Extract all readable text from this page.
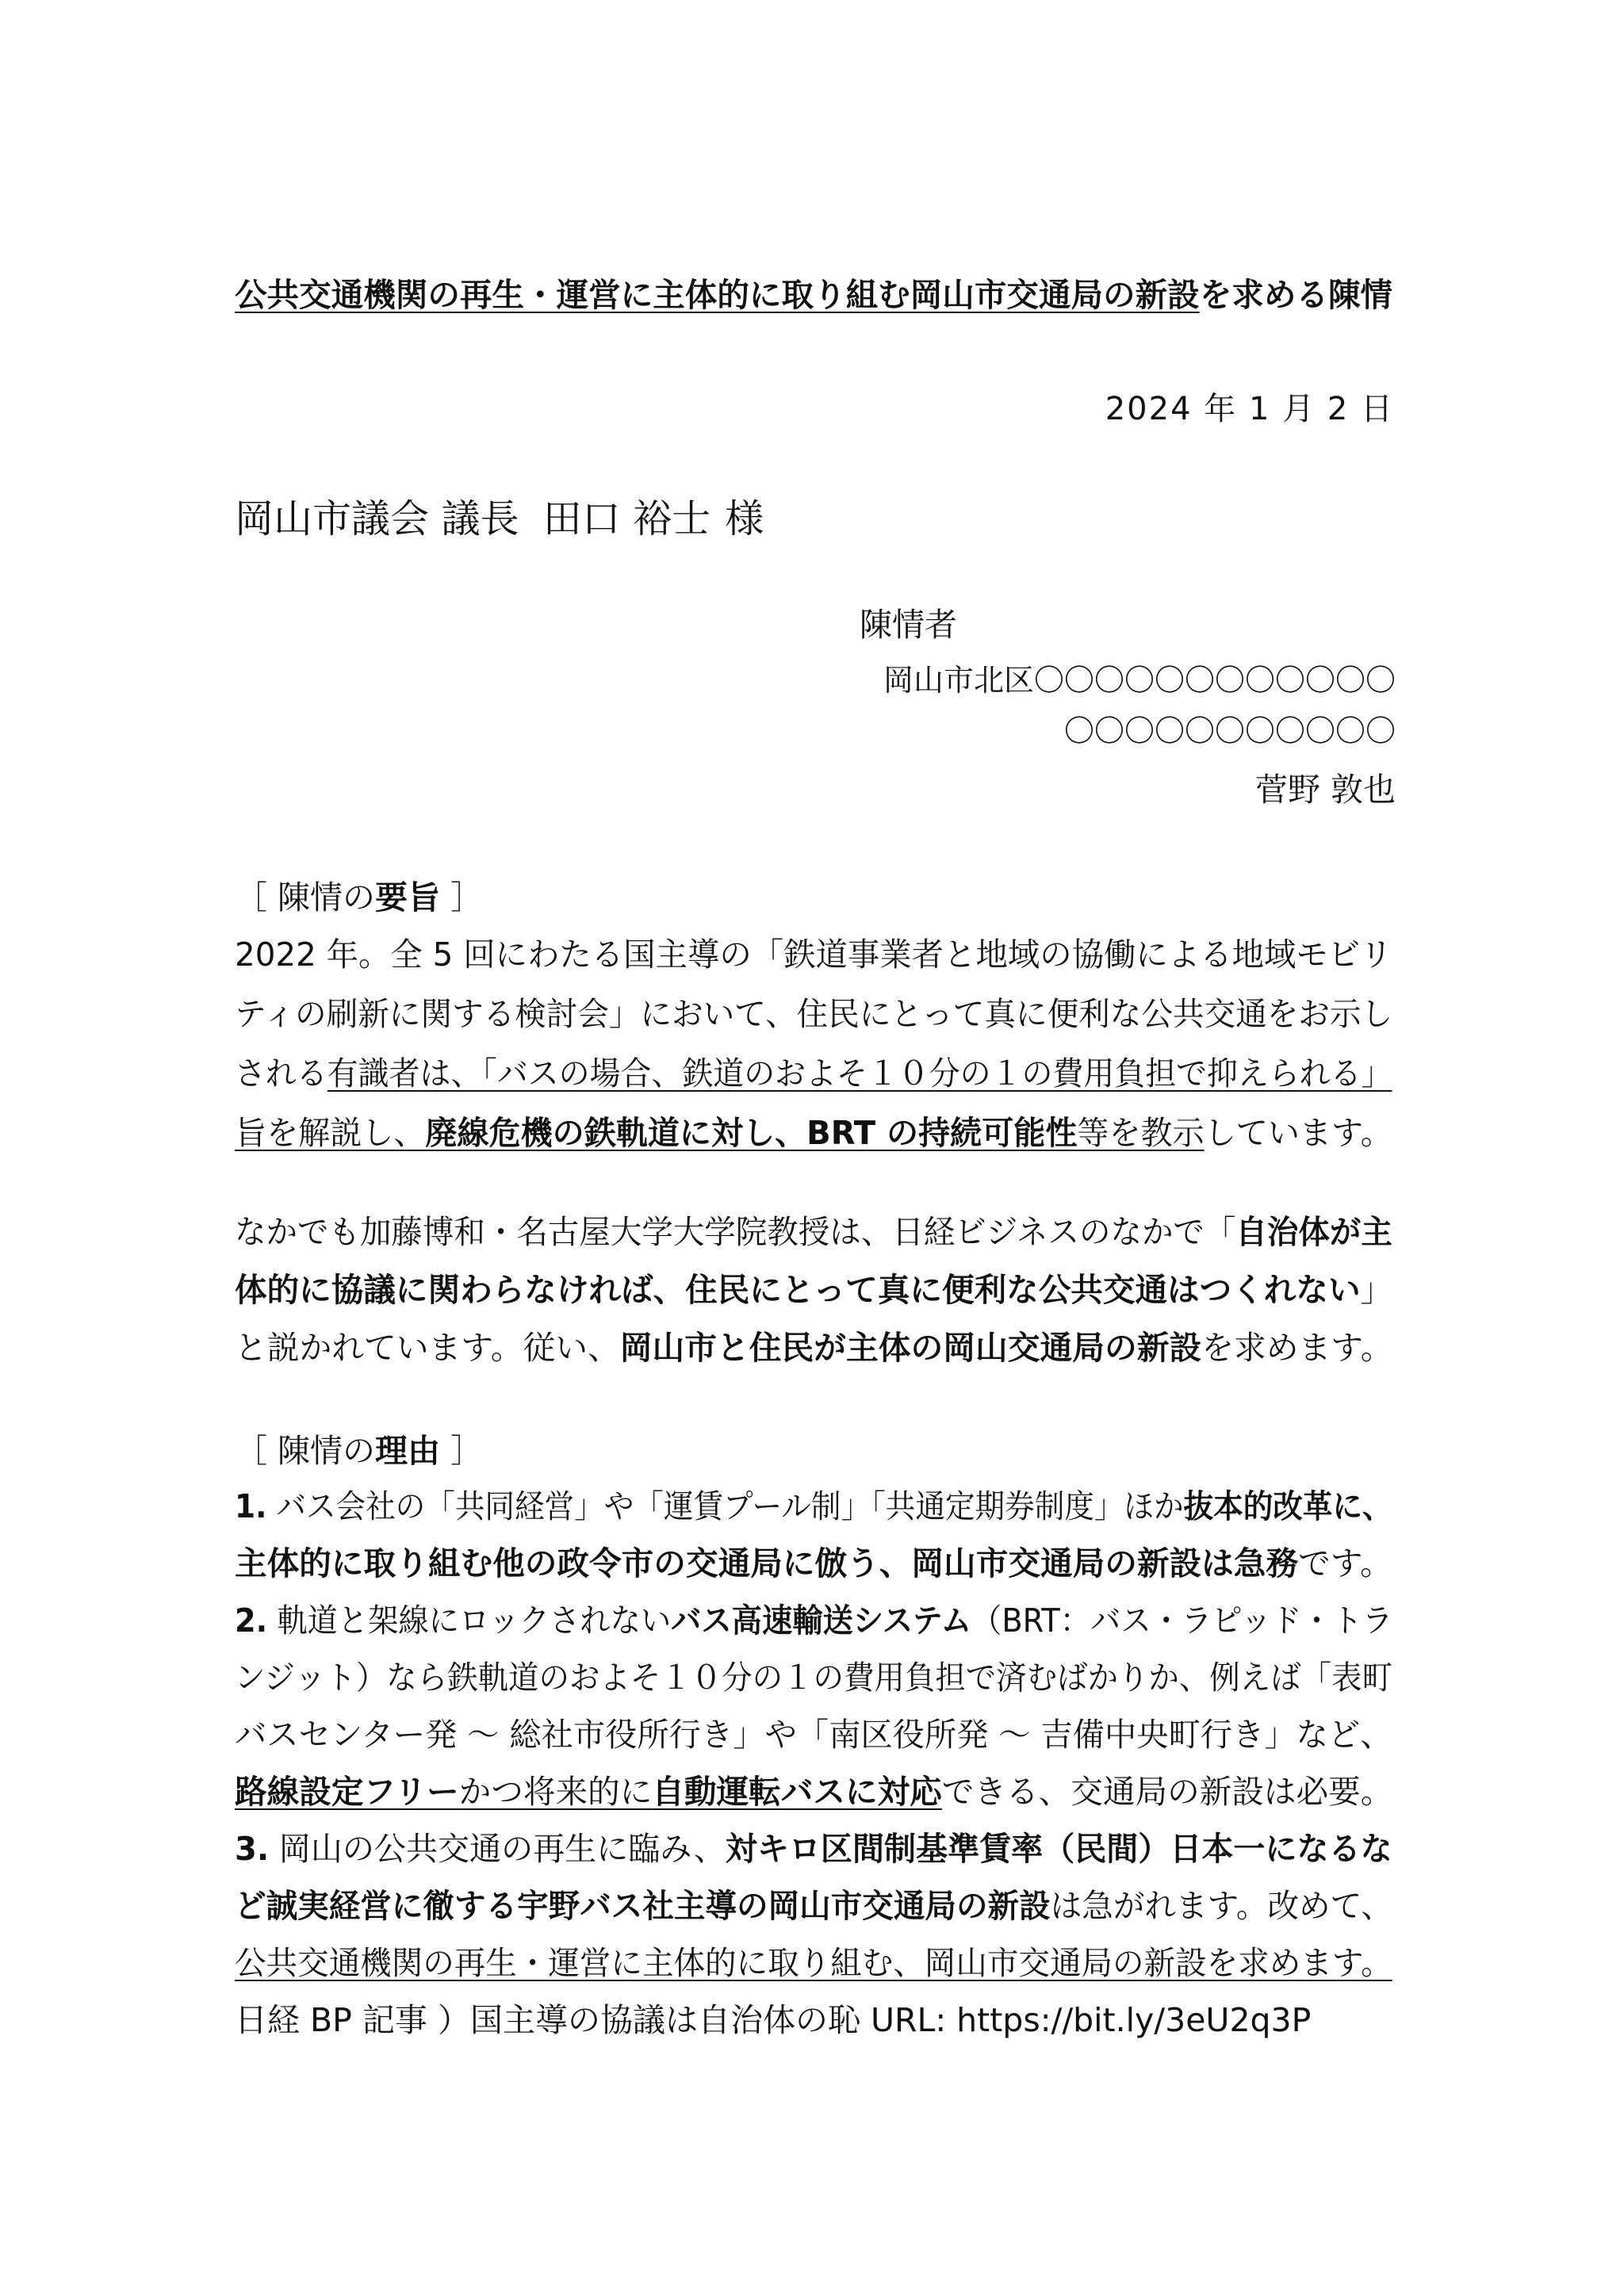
公共交通機関の再生・運営に主体的に取り組む岡山市交通局の新設を求める陳情
2024 年 1 月 2 日
岡山市議会 議長 田口 裕士 様
陳情者
岡山市北区〇〇〇〇〇〇〇〇〇〇〇〇
〇〇〇〇〇〇〇〇〇〇〇
菅野 敦也
［ 陳情の要旨 ］
2022 年。全 5 回にわたる国主導の「鉄道事業者と地域の協働による地域モビリ
ティの刷新に関する検討会」において、住民にとって真に便利な公共交通をお示し
される有識者は、「バスの場合、鉄道のおよそ１０分の１の費用負担で抑えられる」
旨を解説し、廃線危機の鉄軌道に対し、BRT の持続可能性等を教示しています。
なかでも加藤博和・名古屋大学大学院教授は、日経ビジネスのなかで「自治体が主
体的に協議に関わらなければ、住民にとって真に便利な公共交通はつくれない」
と説かれています。従い、岡山市と住民が主体の岡山交通局の新設を求めます。
［ 陳情の理由 ］
1. バス会社の「共同経営」や「運賃プール制」「共通定期券制度」ほか抜本的改革に、
主体的に取り組む他の政令市の交通局に倣う、岡山市交通局の新設は急務です。
2. 軌道と架線にロックされないバス高速輸送システム（BRT：バス・ラピッド・トラ
ンジット）なら鉄軌道のおよそ１０分の１の費用負担で済むばかりか、例えば「表町
バスセンター発 〜 総社市役所行き」や「南区役所発 〜 吉備中央町行き」など、
路線設定フリーかつ将来的に自動運転バスに対応できる、交通局の新設は必要。
3. 岡山の公共交通の再生に臨み、対キロ区間制基準賃率（民間）日本一になるな
ど誠実経営に徹する宇野バス社主導の岡山市交通局の新設は急がれます。改めて、
公共交通機関の再生・運営に主体的に取り組む、岡山市交通局の新設を求めます。
日経 BP 記事 ）国主導の協議は自治体の恥 URL: https://bit.ly/3eU2q3P
